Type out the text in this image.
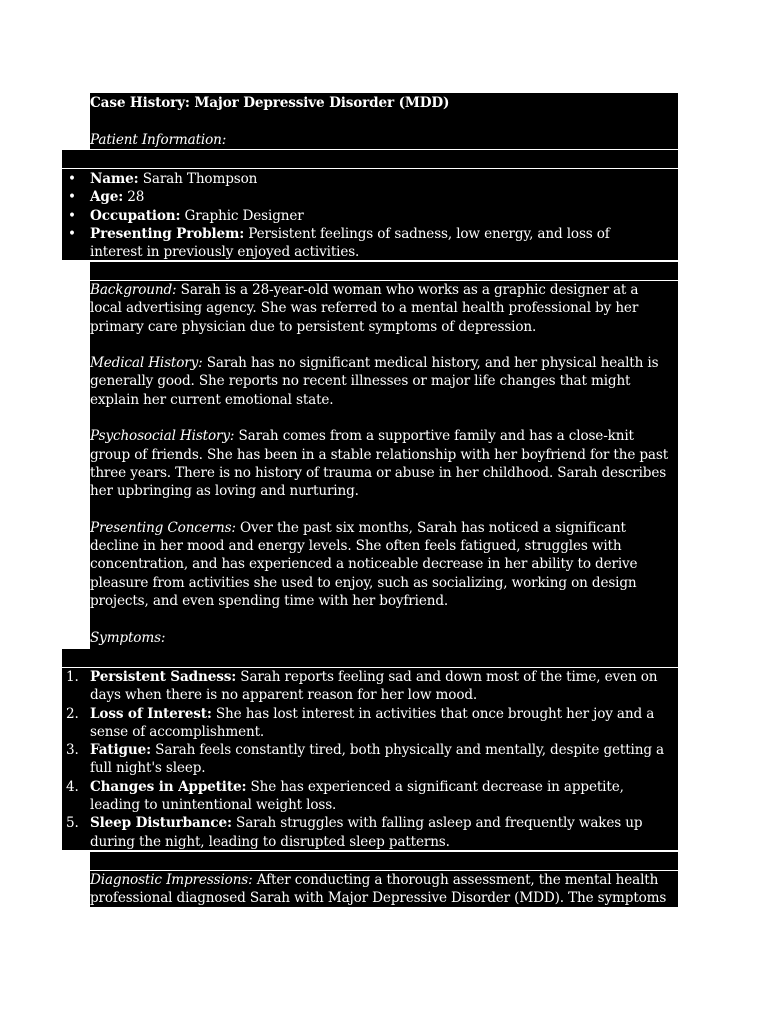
Case History: Major Depressive Disorder (MDD)
Patient Information:
• Name: Sarah Thompson
• Age: 28
• Occupation: Graphic Designer
• Presenting Problem: Persistent feelings of sadness, low energy, and loss of interest in previously enjoyed activities.

Background: Sarah is a 28-year-old woman who works as a graphic designer at a local advertising agency. She was referred to a mental health professional by her primary care physician due to persistent symptoms of depression.

Medical History: Sarah has no significant medical history, and her physical health is generally good. She reports no recent illnesses or major life changes that might explain her current emotional state.

Psychosocial History: Sarah comes from a supportive family and has a close-knit group of friends. She has been in a stable relationship with her boyfriend for the past three years. There is no history of trauma or abuse in her childhood. Sarah describes her upbringing as loving and nurturing.

Presenting Concerns: Over the past six months, Sarah has noticed a significant decline in her mood and energy levels. She often feels fatigued, struggles with concentration, and has experienced a noticeable decrease in her ability to derive pleasure from activities she used to enjoy, such as socializing, working on design projects, and even spending time with her boyfriend.

Symptoms:

1. Persistent Sadness: Sarah reports feeling sad and down most of the time, even on days when there is no apparent reason for her low mood.
2. Loss of Interest: She has lost interest in activities that once brought her joy and a sense of accomplishment.
3. Fatigue: Sarah feels constantly tired, both physically and mentally, despite getting a full night's sleep.
4. Changes in Appetite: She has experienced a significant decrease in appetite, leading to unintentional weight loss.
5. Sleep Disturbance: Sarah struggles with falling asleep and frequently wakes up during the night, leading to disrupted sleep patterns.
Diagnostic Impressions: After conducting a thorough assessment, the mental health professional diagnosed Sarah with Major Depressive Disorder (MDD). The symptoms she
